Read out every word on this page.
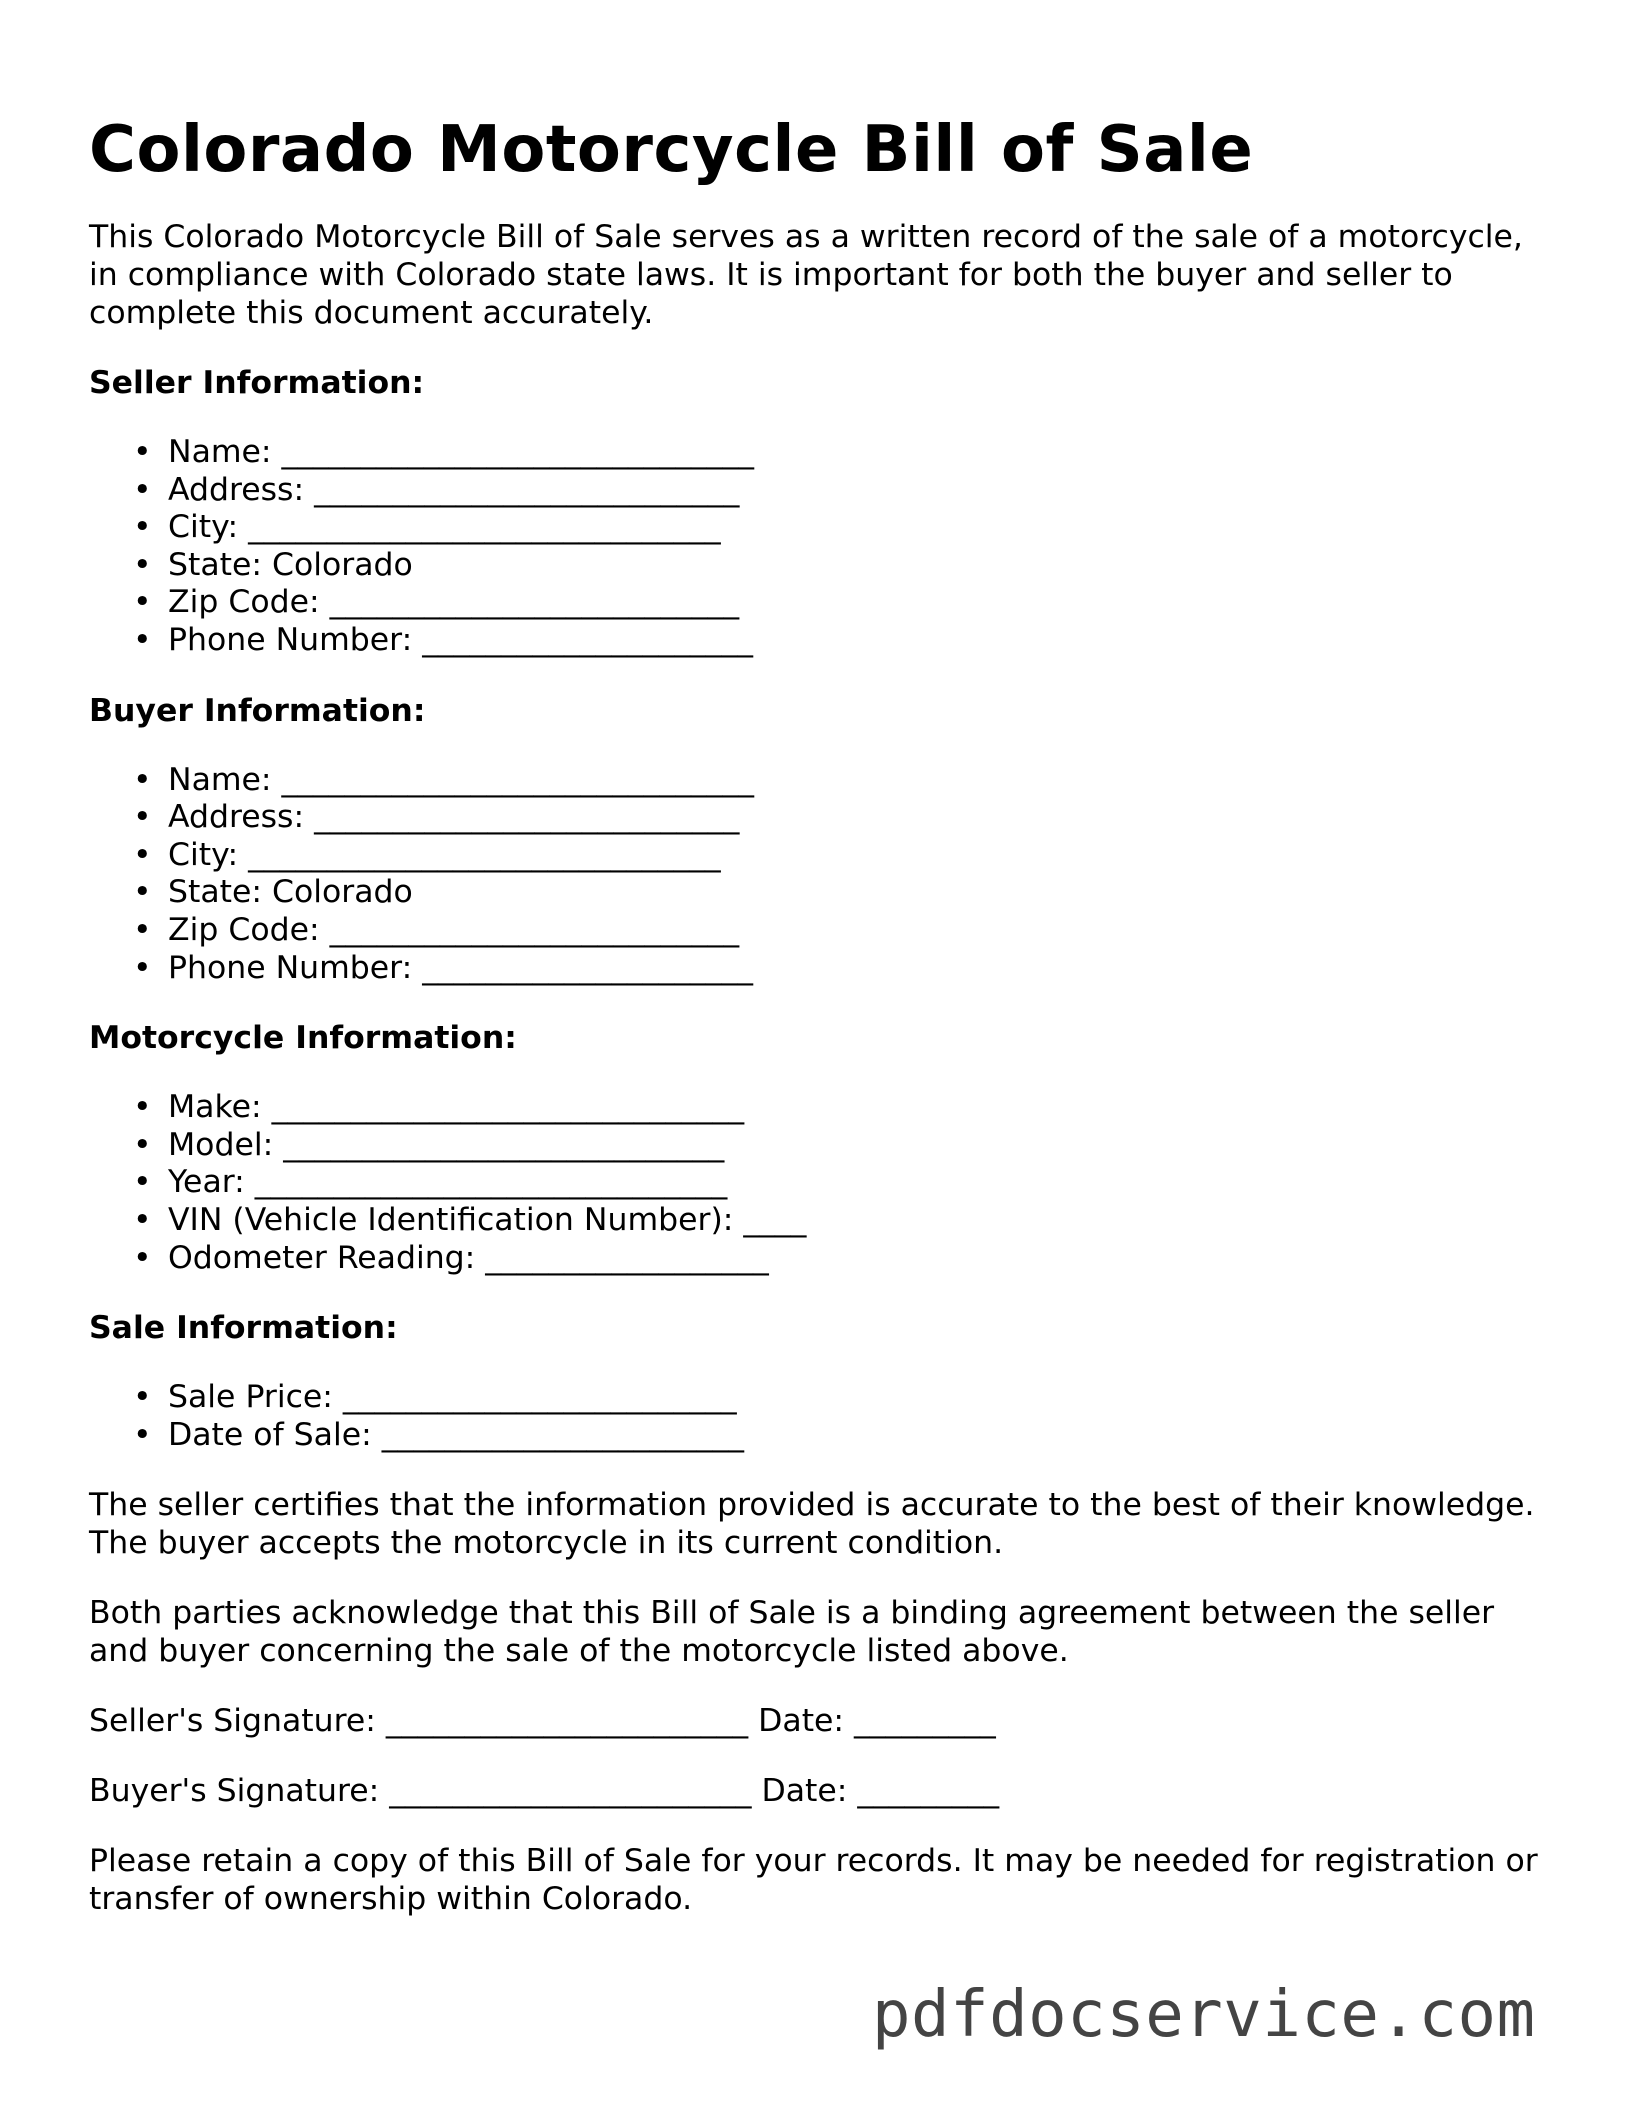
Colorado Motorcycle Bill of Sale

This Colorado Motorcycle Bill of Sale serves as a written record of the sale of a motorcycle, in compliance with Colorado state laws. It is important for both the buyer and seller to complete this document accurately.

Seller Information:
• Name: ______________________________
• Address: ___________________________
• City: ______________________________
• State: Colorado
• Zip Code: __________________________
• Phone Number: _____________________
Buyer Information:
• Name: ______________________________
• Address: ___________________________
• City: ______________________________
• State: Colorado
• Zip Code: __________________________
• Phone Number: _____________________
Motorcycle Information:
• Make: ______________________________
• Model: ____________________________
• Year: ______________________________
• VIN (Vehicle Identification Number): ____
• Odometer Reading: __________________
Sale Information:
• Sale Price: _________________________
• Date of Sale: _______________________

The seller certifies that the information provided is accurate to the best of their knowledge. The buyer accepts the motorcycle in its current condition.

Both parties acknowledge that this Bill of Sale is a binding agreement between the seller and buyer concerning the sale of the motorcycle listed above.

Seller's Signature: _______________________ Date: _________
Buyer's Signature: _______________________ Date: _________

Please retain a copy of this Bill of Sale for your records. It may be needed for registration or transfer of ownership within Colorado.

pdfdocservice.com
